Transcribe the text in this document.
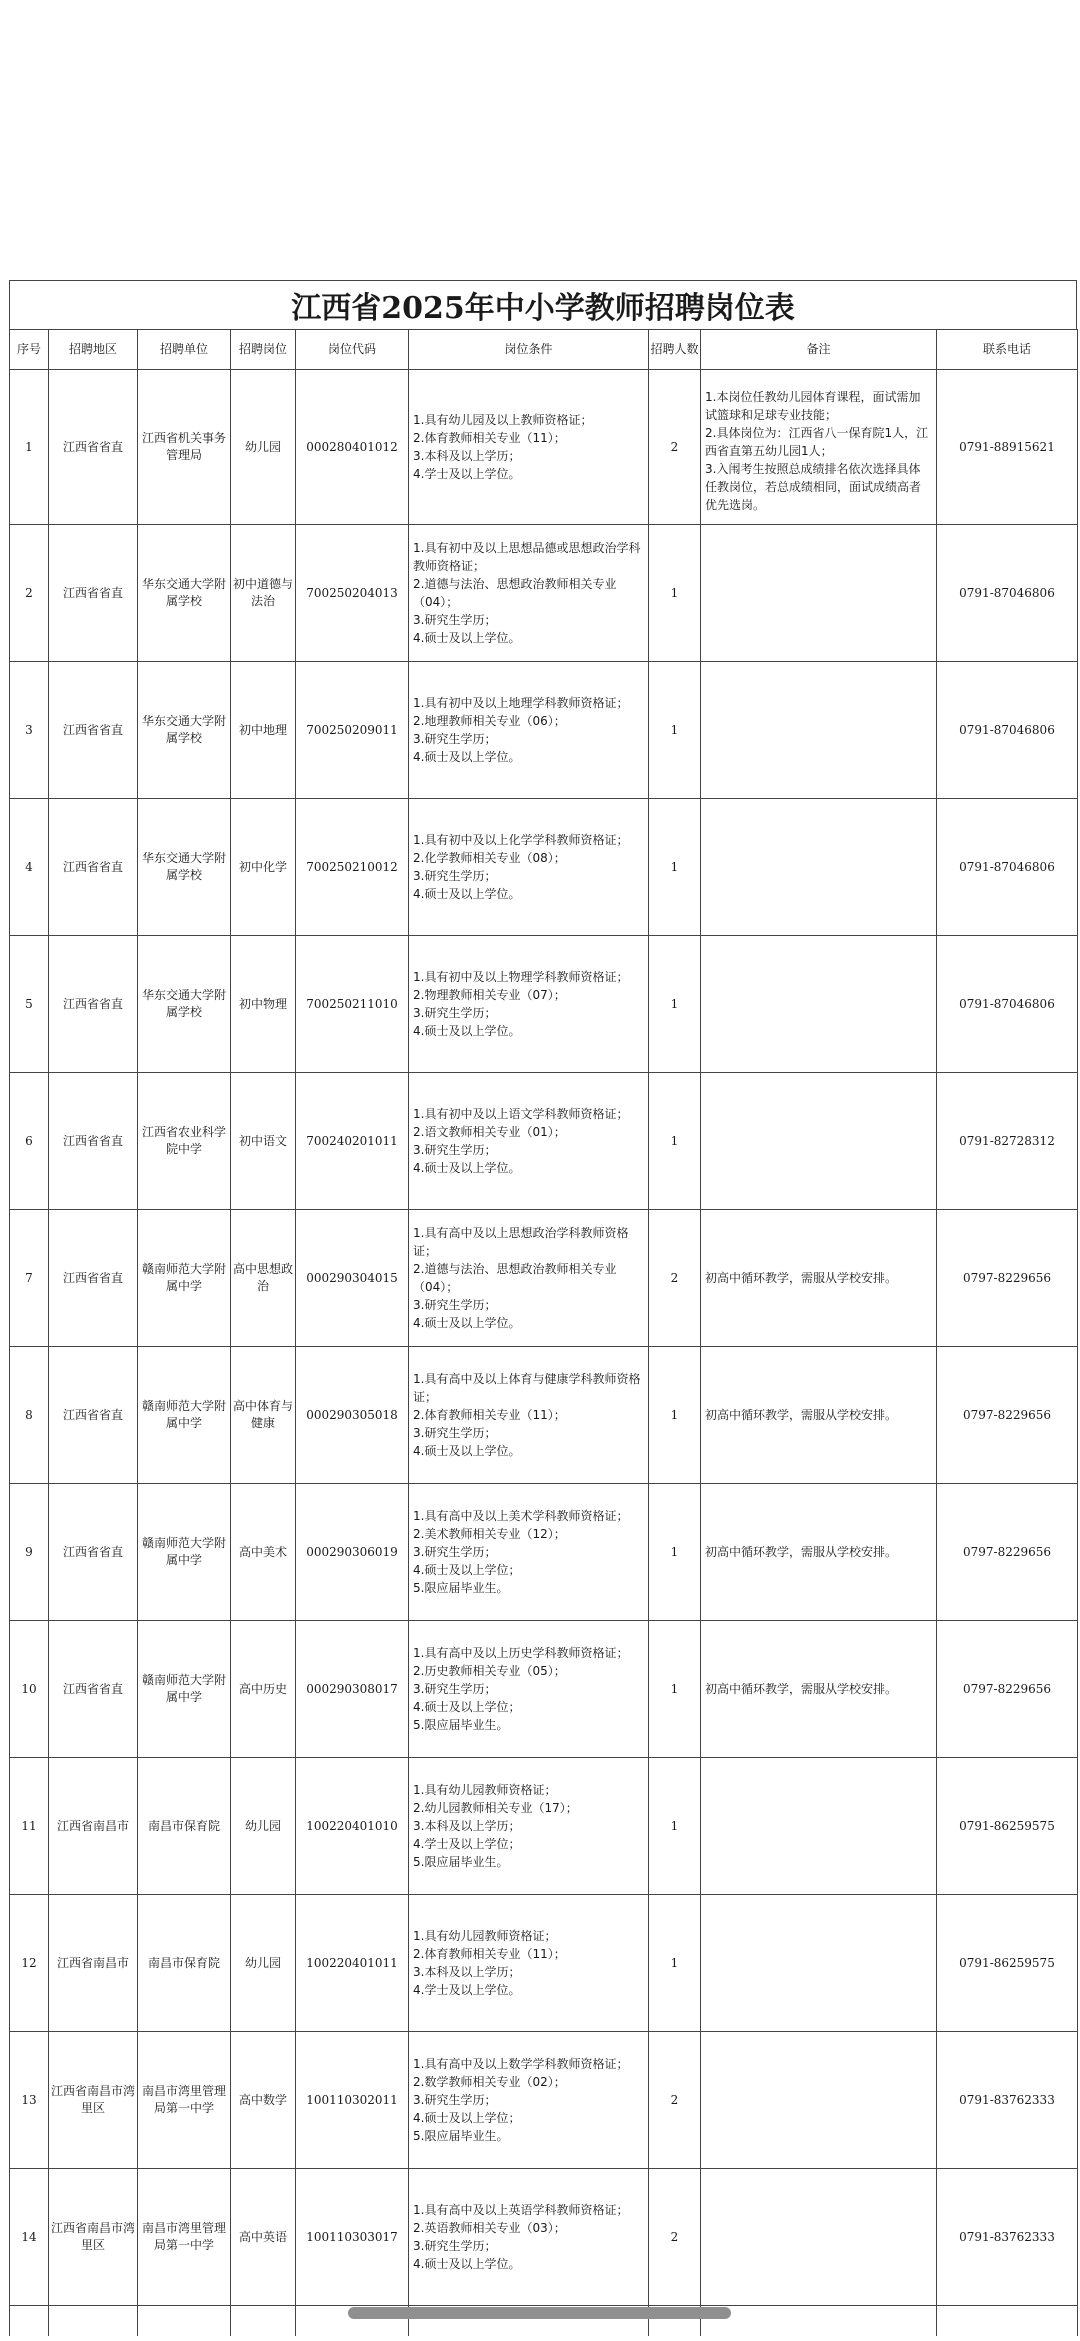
江西省2025年中小学教师招聘岗位表
序号	招聘地区	招聘单位	招聘岗位	岗位代码	岗位条件	招聘人数	备注	联系电话
1	江西省省直	江西省机关事务管理局	幼儿园	000280401012	1.具有幼儿园及以上教师资格证；
2.体育教师相关专业（11）；
3.本科及以上学历；
4.学士及以上学位。	2	1.本岗位任教幼儿园体育课程，面试需加试篮球和足球专业技能；
2.具体岗位为：江西省八一保育院1人，江西省直第五幼儿园1人；
3.入闱考生按照总成绩排名依次选择具体任教岗位，若总成绩相同，面试成绩高者优先选岗。	0791-88915621
2	江西省省直	华东交通大学附属学校	初中道德与法治	700250204013	1.具有初中及以上思想品德或思想政治学科教师资格证；
2.道德与法治、思想政治教师相关专业（04）；
3.研究生学历；
4.硕士及以上学位。	1		0791-87046806
3	江西省省直	华东交通大学附属学校	初中地理	700250209011	1.具有初中及以上地理学科教师资格证；
2.地理教师相关专业（06）；
3.研究生学历；
4.硕士及以上学位。	1		0791-87046806
4	江西省省直	华东交通大学附属学校	初中化学	700250210012	1.具有初中及以上化学学科教师资格证；
2.化学教师相关专业（08）；
3.研究生学历；
4.硕士及以上学位。	1		0791-87046806
5	江西省省直	华东交通大学附属学校	初中物理	700250211010	1.具有初中及以上物理学科教师资格证；
2.物理教师相关专业（07）；
3.研究生学历；
4.硕士及以上学位。	1		0791-87046806
6	江西省省直	江西省农业科学院中学	初中语文	700240201011	1.具有初中及以上语文学科教师资格证；
2.语文教师相关专业（01）；
3.研究生学历；
4.硕士及以上学位。	1		0791-82728312
7	江西省省直	赣南师范大学附属中学	高中思想政治	000290304015	1.具有高中及以上思想政治学科教师资格证；
2.道德与法治、思想政治教师相关专业（04）；
3.研究生学历；
4.硕士及以上学位。	2	初高中循环教学，需服从学校安排。	0797-8229656
8	江西省省直	赣南师范大学附属中学	高中体育与健康	000290305018	1.具有高中及以上体育与健康学科教师资格证；
2.体育教师相关专业（11）；
3.研究生学历；
4.硕士及以上学位。	1	初高中循环教学，需服从学校安排。	0797-8229656
9	江西省省直	赣南师范大学附属中学	高中美术	000290306019	1.具有高中及以上美术学科教师资格证；
2.美术教师相关专业（12）；
3.研究生学历；
4.硕士及以上学位；
5.限应届毕业生。	1	初高中循环教学，需服从学校安排。	0797-8229656
10	江西省省直	赣南师范大学附属中学	高中历史	000290308017	1.具有高中及以上历史学科教师资格证；
2.历史教师相关专业（05）；
3.研究生学历；
4.硕士及以上学位；
5.限应届毕业生。	1	初高中循环教学，需服从学校安排。	0797-8229656
11	江西省南昌市	南昌市保育院	幼儿园	100220401010	1.具有幼儿园教师资格证；
2.幼儿园教师相关专业（17）；
3.本科及以上学历；
4.学士及以上学位；
5.限应届毕业生。	1		0791-86259575
12	江西省南昌市	南昌市保育院	幼儿园	100220401011	1.具有幼儿园教师资格证；
2.体育教师相关专业（11）；
3.本科及以上学历；
4.学士及以上学位。	1		0791-86259575
13	江西省南昌市湾里区	南昌市湾里管理局第一中学	高中数学	100110302011	1.具有高中及以上数学学科教师资格证；
2.数学教师相关专业（02）；
3.研究生学历；
4.硕士及以上学位；
5.限应届毕业生。	2		0791-83762333
14	江西省南昌市湾里区	南昌市湾里管理局第一中学	高中英语	100110303017	1.具有高中及以上英语学科教师资格证；
2.英语教师相关专业（03）；
3.研究生学历；
4.硕士及以上学位。	2		0791-83762333
